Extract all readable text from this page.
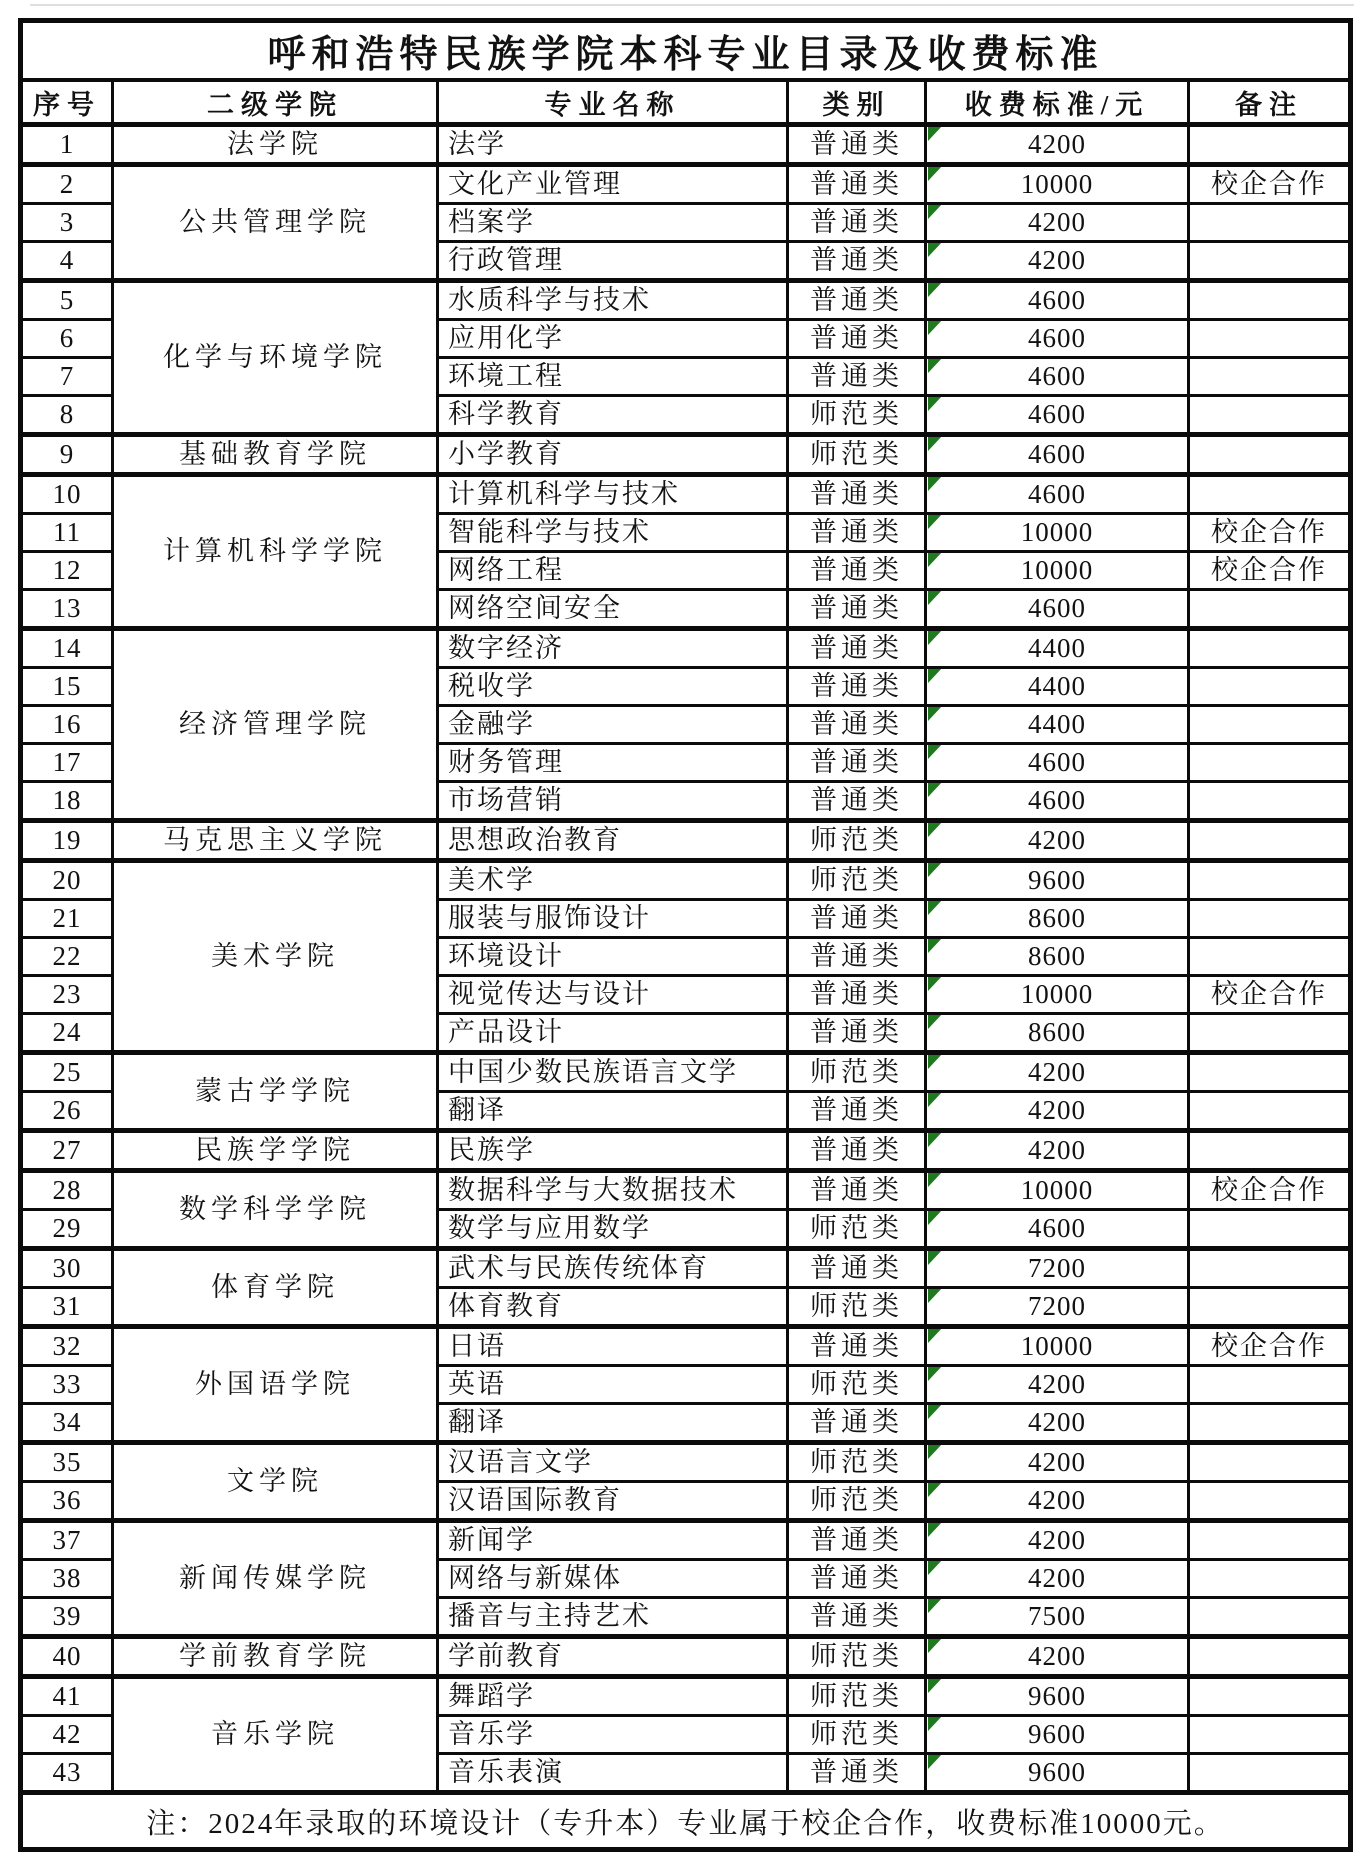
呼和浩特民族学院本科专业目录及收费标准					
序号	二级学院	专业名称	类别	收费标准/元	备注
1	法学院	法学	普通类	4200	
2	公共管理学院	文化产业管理	普通类	10000	校企合作
3		档案学	普通类	4200	
4		行政管理	普通类	4200	
5	化学与环境学院	水质科学与技术	普通类	4600	
6		应用化学	普通类	4600	
7		环境工程	普通类	4600	
8		科学教育	师范类	4600	
9	基础教育学院	小学教育	师范类	4600	
10	计算机科学学院	计算机科学与技术	普通类	4600	
11		智能科学与技术	普通类	10000	校企合作
12		网络工程	普通类	10000	校企合作
13		网络空间安全	普通类	4600	
14	经济管理学院	数字经济	普通类	4400	
15		税收学	普通类	4400	
16		金融学	普通类	4400	
17		财务管理	普通类	4600	
18		市场营销	普通类	4600	
19	马克思主义学院	思想政治教育	师范类	4200	
20	美术学院	美术学	师范类	9600	
21		服装与服饰设计	普通类	8600	
22		环境设计	普通类	8600	
23		视觉传达与设计	普通类	10000	校企合作
24		产品设计	普通类	8600	
25	蒙古学学院	中国少数民族语言文学	师范类	4200	
26		翻译	普通类	4200	
27	民族学学院	民族学	普通类	4200	
28	数学科学学院	数据科学与大数据技术	普通类	10000	校企合作
29		数学与应用数学	师范类	4600	
30	体育学院	武术与民族传统体育	普通类	7200	
31		体育教育	师范类	7200	
32	外国语学院	日语	普通类	10000	校企合作
33		英语	师范类	4200	
34		翻译	普通类	4200	
35	文学院	汉语言文学	师范类	4200	
36		汉语国际教育	师范类	4200	
37	新闻传媒学院	新闻学	普通类	4200	
38		网络与新媒体	普通类	4200	
39		播音与主持艺术	普通类	7500	
40	学前教育学院	学前教育	师范类	4200	
41	音乐学院	舞蹈学	师范类	9600	
42		音乐学	师范类	9600	
43		音乐表演	普通类	9600	
注：2024年录取的环境设计（专升本）专业属于校企合作，收费标准10000元。					
